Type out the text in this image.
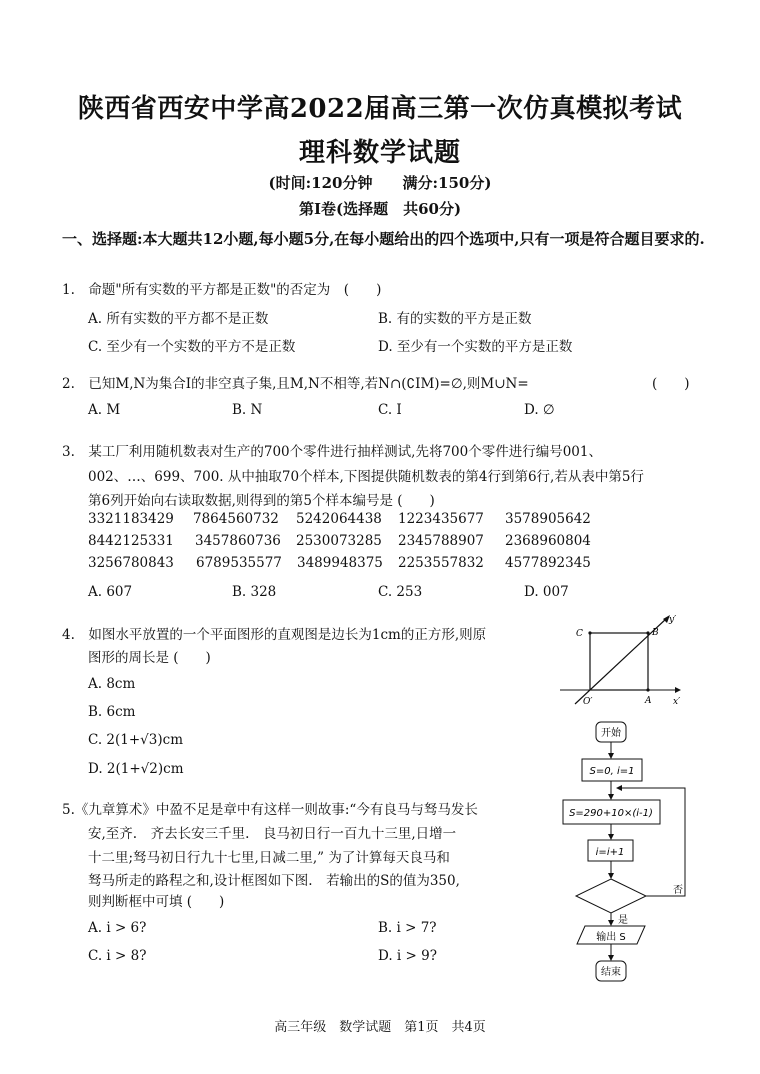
陕西省西安中学高2022届高三第一次仿真模拟考试
理科数学试题
(时间:120分钟　　满分:150分)
第Ⅰ卷(选择题　共60分)
一、选择题:本大题共12小题,每小题5分,在每小题给出的四个选项中,只有一项是符合题目要求的.
1.　命题"所有实数的平方都是正数"的否定为　(　　)
A. 所有实数的平方都不是正数	B. 有的实数的平方是正数
C. 至少有一个实数的平方不是正数	D. 至少有一个实数的平方是正数
2.　已知M,N为集合I的非空真子集,且M,N不相等,若N∩(∁IM)=∅,则M∪N=	(　　)
A. M	B. N	C. I	D. ∅
3.　某工厂利用随机数表对生产的700个零件进行抽样测试,先将700个零件进行编号001、
002、…、699、700. 从中抽取70个样本,下图提供随机数表的第4行到第6行,若从表中第5行
第6列开始向右读取数据,则得到的第5个样本编号是 (　　)
3321183429 7864560732 5242064438 1223435677 3578905642
8442125331 3457860736 2530073285 2345788907 2368960804
3256780843 6789535577 3489948375 2253557832 4577892345
A. 607	B. 328	C. 253	D. 007
4.　如图水平放置的一个平面图形的直观图是边长为1cm的正方形,则原
图形的周长是 (　　)
A. 8cm
B. 6cm
C. 2(1+√3)cm
D. 2(1+√2)cm
C	B
O′	A x′
y′
5.《九章算术》中盈不足是章中有这样一则故事:“今有良马与驽马发长
安,至齐.　齐去长安三千里.　良马初日行一百九十三里,日增一
十二里;驽马初日行九十七里,日减二里,” 为了计算每天良马和
驽马所走的路程之和,设计框图如下图.　若输出的S的值为350,
则判断框中可填 (　　)
A. i > 6?	B. i > 7?
C. i > 8?	D. i > 9?
开始
S=0, i=1
S=290+10×(i-1)
i=i+1
否
是
输出 S
结束
高三年级　数学试题　第1页　共4页
